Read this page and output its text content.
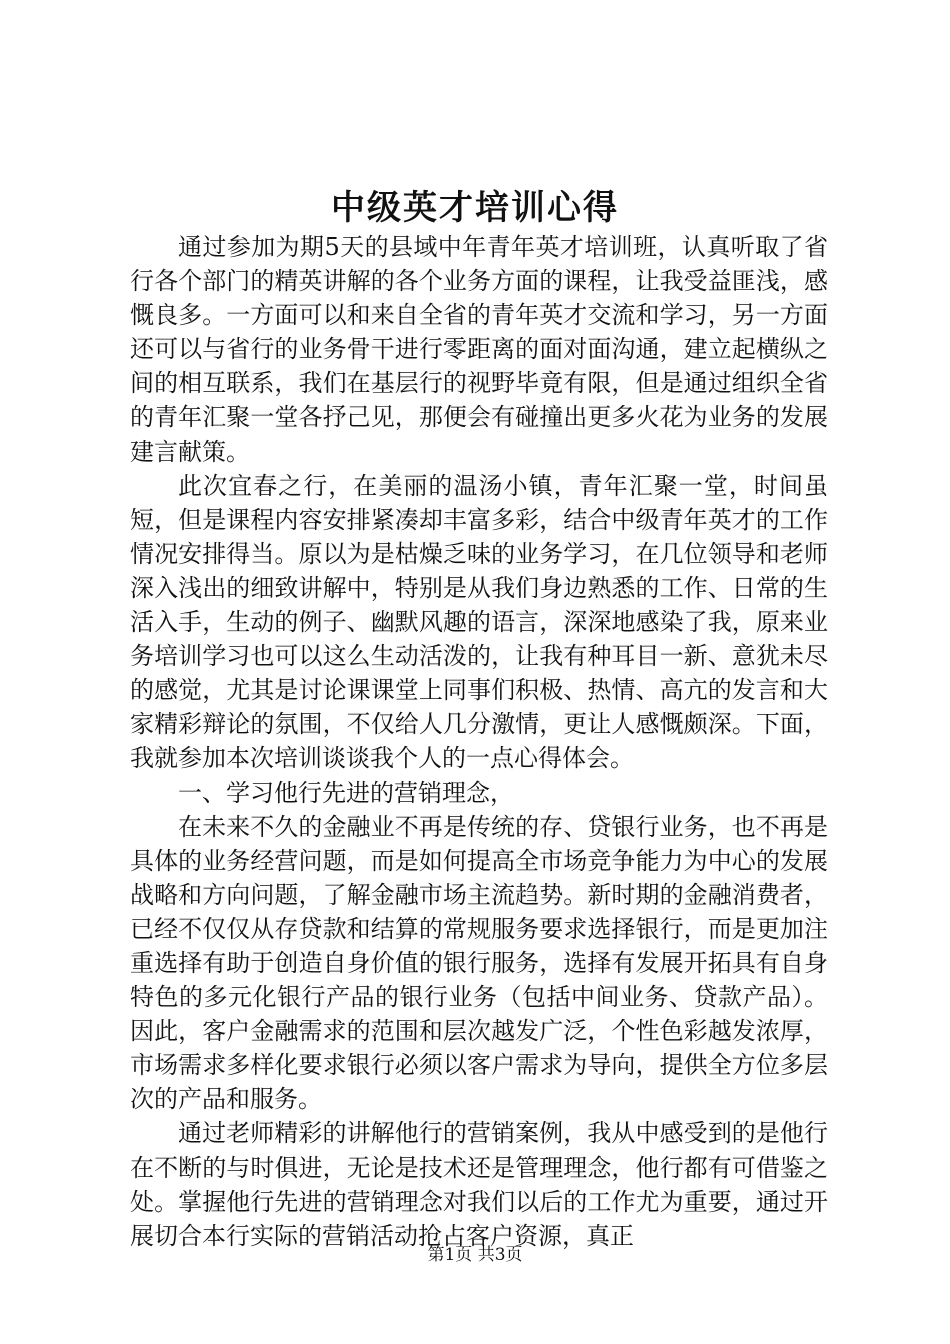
中级英才培训心得

通过参加为期5天的县域中年青年英才培训班，认真听取了省行各个部门的精英讲解的各个业务方面的课程，让我受益匪浅，感慨良多。一方面可以和来自全省的青年英才交流和学习，另一方面还可以与省行的业务骨干进行零距离的面对面沟通，建立起横纵之间的相互联系，我们在基层行的视野毕竟有限，但是通过组织全省的青年汇聚一堂各抒己见，那便会有碰撞出更多火花为业务的发展建言献策。

此次宜春之行，在美丽的温汤小镇，青年汇聚一堂，时间虽短，但是课程内容安排紧凑却丰富多彩，结合中级青年英才的工作情况安排得当。原以为是枯燥乏味的业务学习，在几位领导和老师深入浅出的细致讲解中，特别是从我们身边熟悉的工作、日常的生活入手，生动的例子、幽默风趣的语言，深深地感染了我，原来业务培训学习也可以这么生动活泼的，让我有种耳目一新、意犹未尽的感觉，尤其是讨论课课堂上同事们积极、热情、高亢的发言和大家精彩辩论的氛围，不仅给人几分激情，更让人感慨颇深。下面，我就参加本次培训谈谈我个人的一点心得体会。

一、学习他行先进的营销理念，

在未来不久的金融业不再是传统的存、贷银行业务，也不再是具体的业务经营问题，而是如何提高全市场竞争能力为中心的发展战略和方向问题，了解金融市场主流趋势。新时期的金融消费者，已经不仅仅从存贷款和结算的常规服务要求选择银行，而是更加注重选择有助于创造自身价值的银行服务，选择有发展开拓具有自身特色的多元化银行产品的银行业务（包括中间业务、贷款产品）。因此，客户金融需求的范围和层次越发广泛，个性色彩越发浓厚，市场需求多样化要求银行必须以客户需求为导向，提供全方位多层次的产品和服务。

通过老师精彩的讲解他行的营销案例，我从中感受到的是他行在不断的与时俱进，无论是技术还是管理理念，他行都有可借鉴之处。掌握他行先进的营销理念对我们以后的工作尤为重要，通过开展切合本行实际的营销活动抢占客户资源，真正

第1页 共3页
